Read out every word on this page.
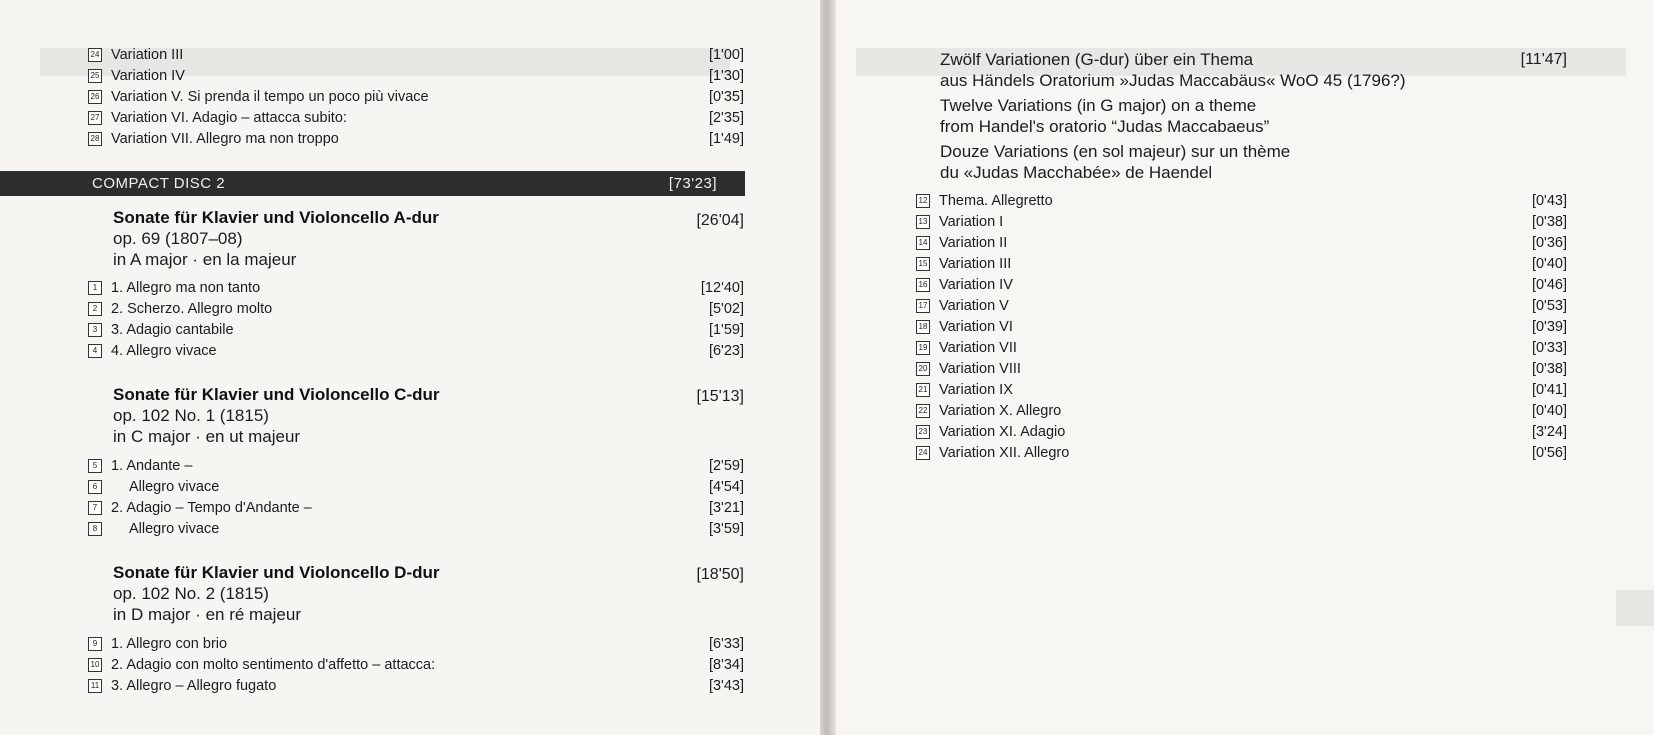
24 Variation III	[1'00]
25 Variation IV	[1'30]
26 Variation V. Si prenda il tempo un poco più vivace	[0'35]
27 Variation VI. Adagio – attacca subito:	[2'35]
28 Variation VII. Allegro ma non troppo	[1'49]
COMPACT DISC 2	[73'23]
Sonate für Klavier und Violoncello A-dur	[26'04]
op. 69 (1807–08)
in A major · en la majeur
1 1. Allegro ma non tanto	[12'40]
2 2. Scherzo. Allegro molto	[5'02]
3 3. Adagio cantabile	[1'59]
4 4. Allegro vivace	[6'23]
Sonate für Klavier und Violoncello C-dur	[15'13]
op. 102 No. 1 (1815)
in C major · en ut majeur
5 1. Andante –	[2'59]
6	Allegro vivace	[4'54]
7 2. Adagio – Tempo d'Andante –	[3'21]
8	Allegro vivace	[3'59]
Sonate für Klavier und Violoncello D-dur	[18'50]
op. 102 No. 2 (1815)
in D major · en ré majeur
9 1. Allegro con brio	[6'33]
10 2. Adagio con molto sentimento d'affetto – attacca:	[8'34]
11 3. Allegro – Allegro fugato	[3'43]
Zwölf Variationen (G-dur) über ein Thema	[11'47]
aus Händels Oratorium »Judas Maccabäus« WoO 45 (1796?)
Twelve Variations (in G major) on a theme
from Handel's oratorio “Judas Maccabaeus”
Douze Variations (en sol majeur) sur un thème
du «Judas Macchabée» de Haendel
12 Thema. Allegretto	[0'43]
13 Variation I	[0'38]
14 Variation II	[0'36]
15 Variation III	[0'40]
16 Variation IV	[0'46]
17 Variation V	[0'53]
18 Variation VI	[0'39]
19 Variation VII	[0'33]
20 Variation VIII	[0'38]
21 Variation IX	[0'41]
22 Variation X. Allegro	[0'40]
23 Variation XI. Adagio	[3'24]
24 Variation XII. Allegro	[0'56]
